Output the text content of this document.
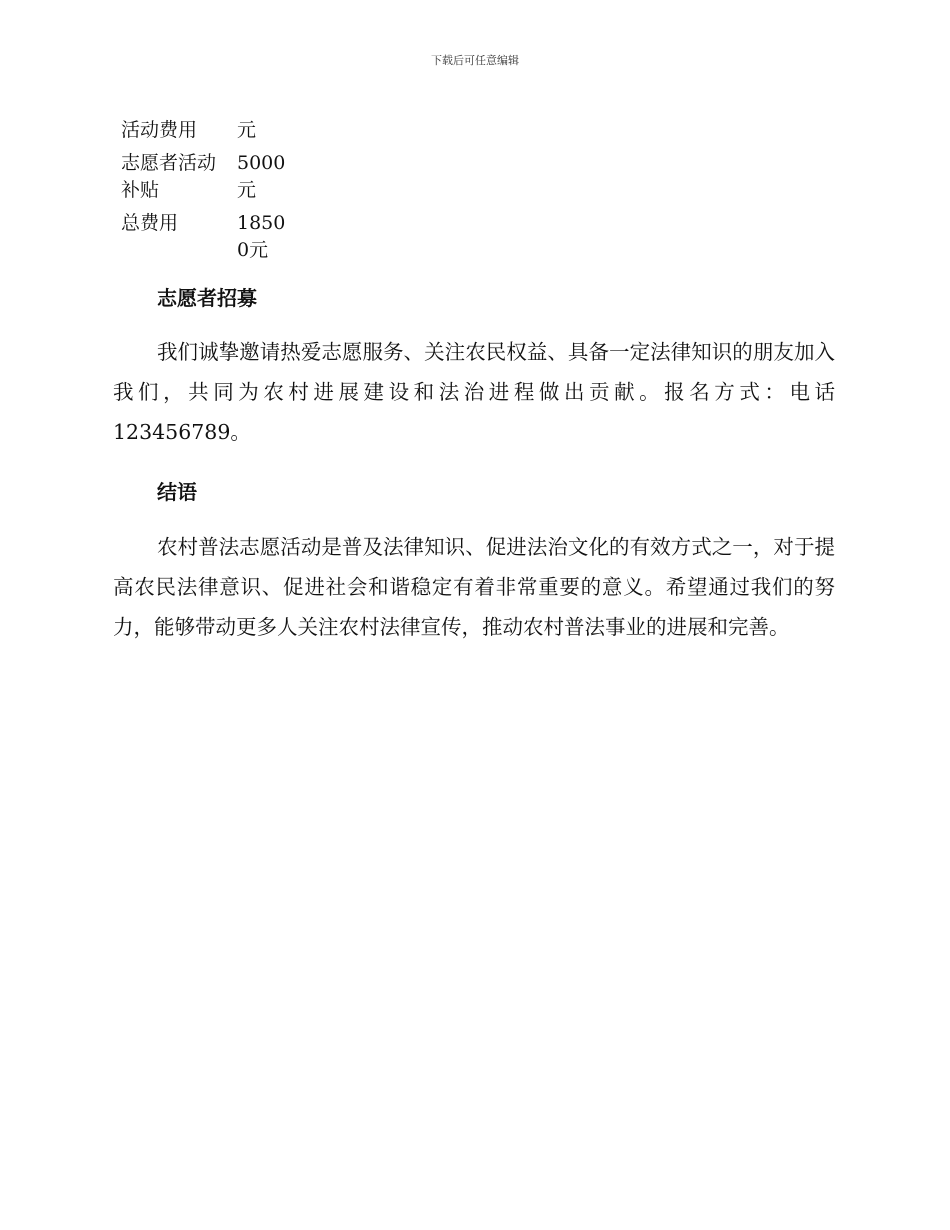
下载后可任意编辑
活动费用	元
志愿者活动补贴	5000元
总费用	18500元
志愿者招募

我们诚挚邀请热爱志愿服务、关注农民权益、具备一定法律知识的朋友加入我们，共同为农村进展建设和法治进程做出贡献。报名方式：电话123456789。

结语

农村普法志愿活动是普及法律知识、促进法治文化的有效方式之一，对于提高农民法律意识、促进社会和谐稳定有着非常重要的意义。希望通过我们的努力，能够带动更多人关注农村法律宣传，推动农村普法事业的进展和完善。
